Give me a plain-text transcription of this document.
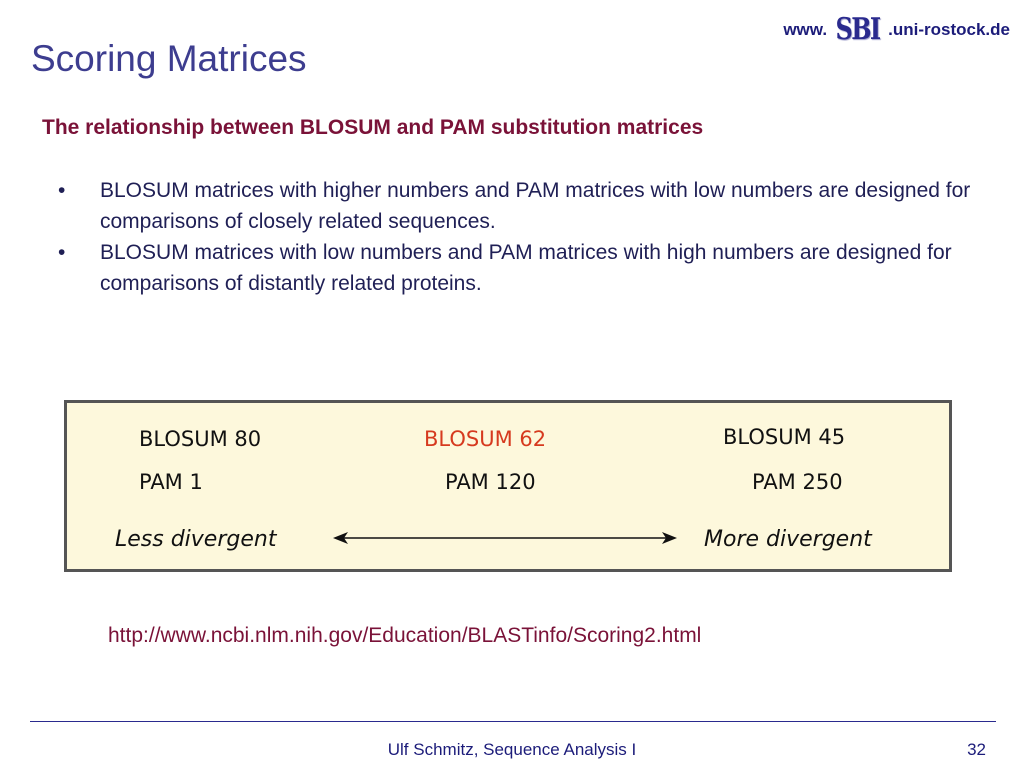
Scoring Matrices
www. SBI .uni-rostock.de
The relationship between BLOSUM and PAM substitution matrices
• BLOSUM matrices with higher numbers and PAM matrices with low numbers are designed for comparisons of closely related sequences.
• BLOSUM matrices with low numbers and PAM matrices with high numbers are designed for comparisons of distantly related proteins.
BLOSUM 80	BLOSUM 62	BLOSUM 45
PAM 1	PAM 120	PAM 250
Less divergent	More divergent
http://www.ncbi.nlm.nih.gov/Education/BLASTinfo/Scoring2.html
Ulf Schmitz, Sequence Analysis I	32
